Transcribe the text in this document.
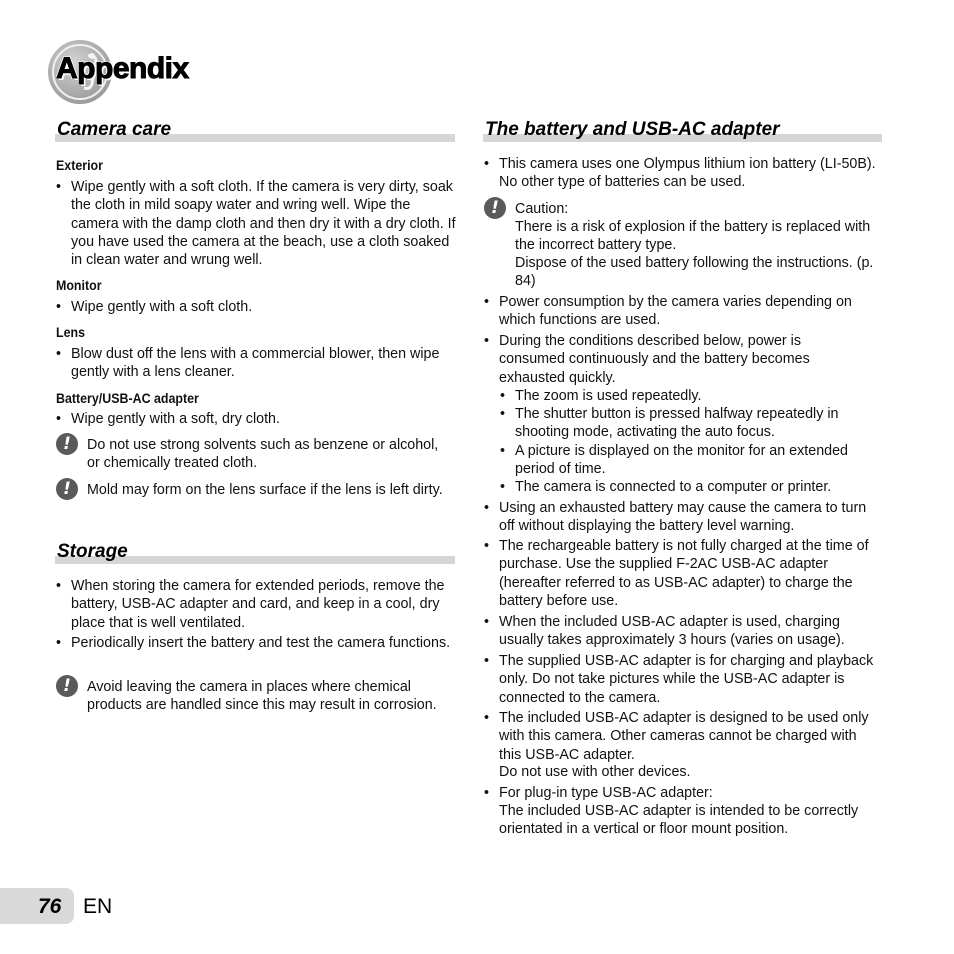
Appendix
Camera care
Exterior
• Wipe gently with a soft cloth. If the camera is very dirty, soak the cloth in mild soapy water and wring well. Wipe the camera with the damp cloth and then dry it with a dry cloth. If you have used the camera at the beach, use a cloth soaked in clean water and wrung well.
Monitor
• Wipe gently with a soft cloth.
Lens
• Blow dust off the lens with a commercial blower, then wipe gently with a lens cleaner.
Battery/USB-AC adapter
• Wipe gently with a soft, dry cloth.
!	Do not use strong solvents such as benzene or alcohol, or chemically treated cloth.
!	Mold may form on the lens surface if the lens is left dirty.
Storage
• When storing the camera for extended periods, remove the battery, USB-AC adapter and card, and keep in a cool, dry place that is well ventilated.
• Periodically insert the battery and test the camera functions.
!	Avoid leaving the camera in places where chemical products are handled since this may result in corrosion.
The battery and USB-AC adapter
• This camera uses one Olympus lithium ion battery (LI-50B). No other type of batteries can be used.
!	Caution:
There is a risk of explosion if the battery is replaced with the incorrect battery type.
Dispose of the used battery following the instructions. (p. 84)
• Power consumption by the camera varies depending on which functions are used.
• During the conditions described below, power is consumed continuously and the battery becomes exhausted quickly.
• The zoom is used repeatedly.
• The shutter button is pressed halfway repeatedly in shooting mode, activating the auto focus.
• A picture is displayed on the monitor for an extended period of time.
• The camera is connected to a computer or printer.
• Using an exhausted battery may cause the camera to turn off without displaying the battery level warning.
• The rechargeable battery is not fully charged at the time of purchase. Use the supplied F-2AC USB-AC adapter (hereafter referred to as USB-AC adapter) to charge the battery before use.
• When the included USB-AC adapter is used, charging usually takes approximately 3 hours (varies on usage).
• The supplied USB-AC adapter is for charging and playback only. Do not take pictures while the USB-AC adapter is connected to the camera.
• The included USB-AC adapter is designed to be used only with this camera. Other cameras cannot be charged with this USB-AC adapter.
Do not use with other devices.
• For plug-in type USB-AC adapter:
The included USB-AC adapter is intended to be correctly orientated in a vertical or floor mount position.
76 EN
